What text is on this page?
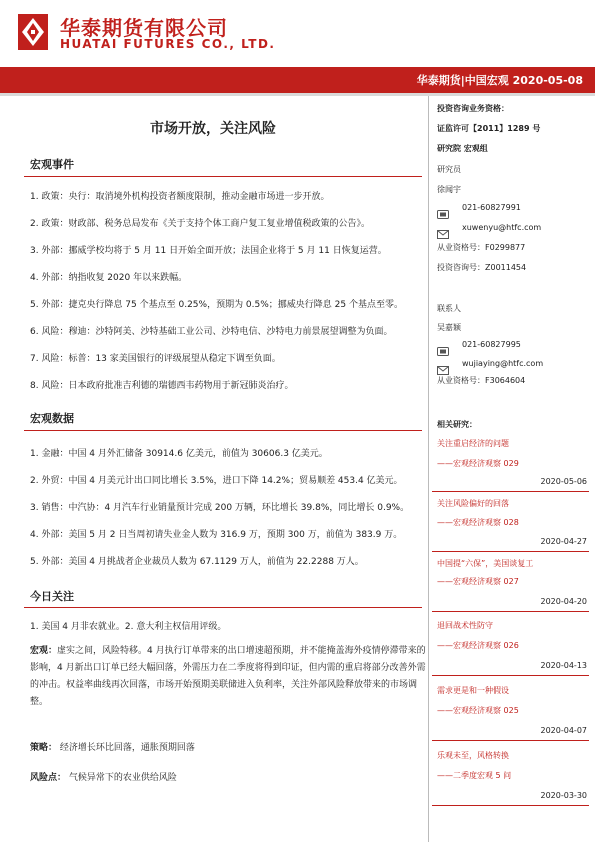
华泰期货有限公司
HUATAI FUTURES CO., LTD.
华泰期货|中国宏观 2020-05-08
市场开放，关注风险
宏观事件
1. 政策：央行：取消境外机构投资者额度限制，推动金融市场进一步开放。
2. 政策：财政部、税务总局发布《关于支持个体工商户复工复业增值税政策的公告》。
3. 外部：挪威学校均将于 5 月 11 日开始全面开放；法国企业将于 5 月 11 日恢复运营。
4. 外部：纳指收复 2020 年以来跌幅。
5. 外部：捷克央行降息 75 个基点至 0.25%，预期为 0.5%；挪威央行降息 25 个基点至零。
6. 风险：穆迪：沙特阿美、沙特基础工业公司、沙特电信、沙特电力前景展望调整为负面。
7. 风险：标普：13 家美国银行的评级展望从稳定下调至负面。
8. 风险：日本政府批准吉利德的瑞德西韦药物用于新冠肺炎治疗。
宏观数据
1. 金融：中国 4 月外汇储备 30914.6 亿美元，前值为 30606.3 亿美元。
2. 外贸：中国 4 月美元计出口同比增长 3.5%，进口下降 14.2%；贸易顺差 453.4 亿美元。
3. 销售：中汽协：4 月汽车行业销量预计完成 200 万辆，环比增长 39.8%，同比增长 0.9%。
4. 外部：美国 5 月 2 日当周初请失业金人数为 316.9 万，预期 300 万，前值为 383.9 万。
5. 外部：美国 4 月挑战者企业裁员人数为 67.1129 万人，前值为 22.2288 万人。
今日关注
1. 美国 4 月非农就业。2. 意大利主权信用评级。
宏观：虚实之间，风险特移。4 月执行订单带来的出口增速超预期，并不能掩盖海外疫情停滞带来的影响，4 月新出口订单已经大幅回落，外需压力在二季度将得到印证，但内需的重启将部分改善外需的冲击。权益率曲线再次回落，市场开始预期美联储进入负利率，关注外部风险释放带来的市场调整。
策略： 经济增长环比回落，通胀预期回落
风险点： 气候异常下的农业供给风险
投资咨询业务资格：
证监许可【2011】1289 号
研究院 宏观组
研究员
徐闻宇
021-60827991
xuwenyu@htfc.com
从业资格号：F0299877
投资咨询号：Z0011454
联系人
吴嘉颖
021-60827995
wujiaying@htfc.com
从业资格号：F3064604
相关研究：
关注重启经济的问题
——宏观经济观察 029
2020-05-06
关注风险偏好的回落
——宏观经济观察 028
2020-04-27
中国提“六保”，美国谈复工
——宏观经济观察 027
2020-04-20
退回战术性防守
——宏观经济观察 026
2020-04-13
需求更是和一种假设
——宏观经济观察 025
2020-04-07
乐观未至，风格转换
——二季度宏观 5 问
2020-03-30
